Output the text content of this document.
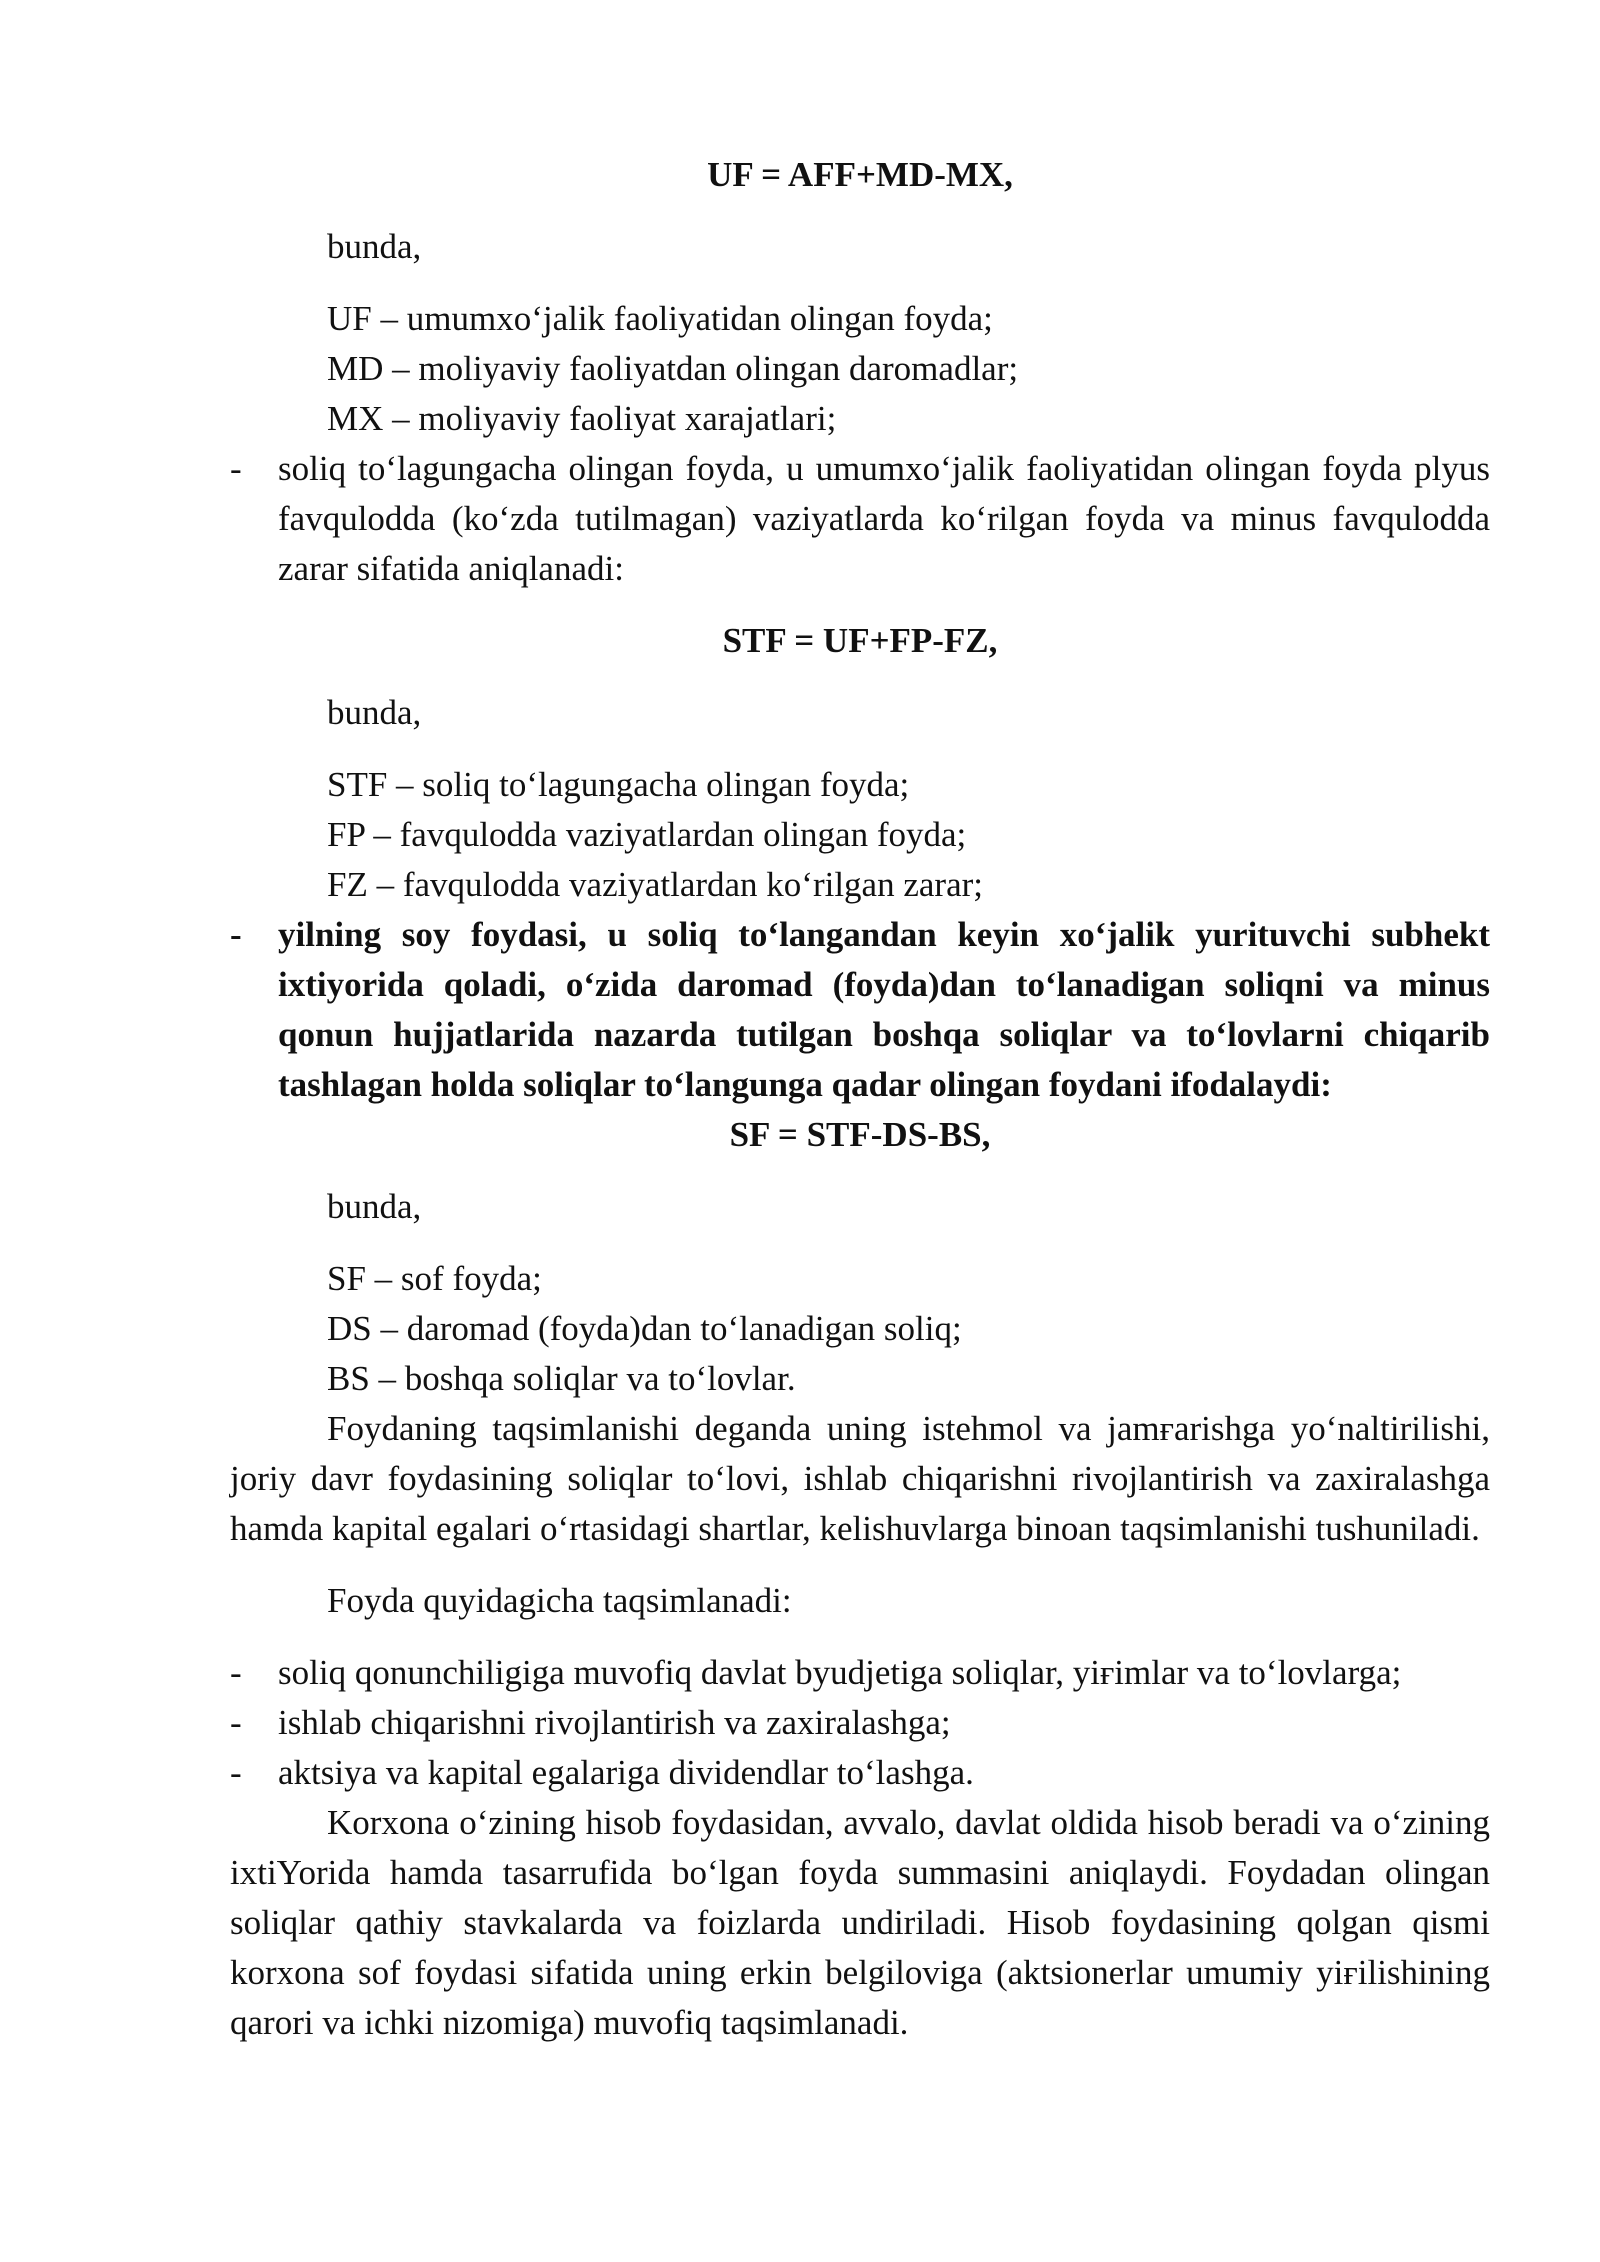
UF = AFF+MD-MX,
bunda,
UF – umumxoʻjalik faoliyatidan olingan foyda;
MD – moliyaviy faoliyatdan olingan daromadlar;
MX – moliyaviy faoliyat xarajatlari;
- soliq toʻlagungacha olingan foyda, u umumxoʻjalik faoliyatidan olingan foyda plyus favqulodda (koʻzda tutilmagan) vaziyatlarda koʻrilgan foyda va minus favqulodda zarar sifatida aniqlanadi:
STF = UF+FP-FZ,
bunda,
STF – soliq toʻlagungacha olingan foyda;
FP – favqulodda vaziyatlardan olingan foyda;
FZ – favqulodda vaziyatlardan koʻrilgan zarar;
- yilning soy foydasi, u soliq toʻlangandan keyin xoʻjalik yurituvchi subhekt ixtiyorida qoladi, oʻzida daromad (foyda)dan toʻlanadigan soliqni va minus qonun hujjatlarida nazarda tutilgan boshqa soliqlar va toʻlovlarni chiqarib tashlagan holda soliqlar toʻlangunga qadar olingan foydani ifodalaydi:
SF = STF-DS-BS,
bunda,
SF – sof foyda;
DS – daromad (foyda)dan toʻlanadigan soliq;
BS – boshqa soliqlar va toʻlovlar.
Foydaning taqsimlanishi deganda uning istehmol va jamғarishga yoʻnaltirilishi, joriy davr foydasining soliqlar toʻlovi, ishlab chiqarishni rivojlantirish va zaxiralashga hamda kapital egalari oʻrtasidagi shartlar, kelishuvlarga binoan taqsimlanishi tushuniladi.
Foyda quyidagicha taqsimlanadi:
- soliq qonunchiligiga muvofiq davlat byudjetiga soliqlar, yiғimlar va toʻlovlarga;
- ishlab chiqarishni rivojlantirish va zaxiralashga;
- aktsiya va kapital egalariga dividendlar toʻlashga.
Korxona oʻzining hisob foydasidan, avvalo, davlat oldida hisob beradi va oʻzining ixtiYorida hamda tasarrufida boʻlgan foyda summasini aniqlaydi. Foydadan olingan soliqlar qathiy stavkalarda va foizlarda undiriladi. Hisob foydasining qolgan qismi korxona sof foydasi sifatida uning erkin belgiloviga (aktsionerlar umumiy yiғilishining qarori va ichki nizomiga) muvofiq taqsimlanadi.
